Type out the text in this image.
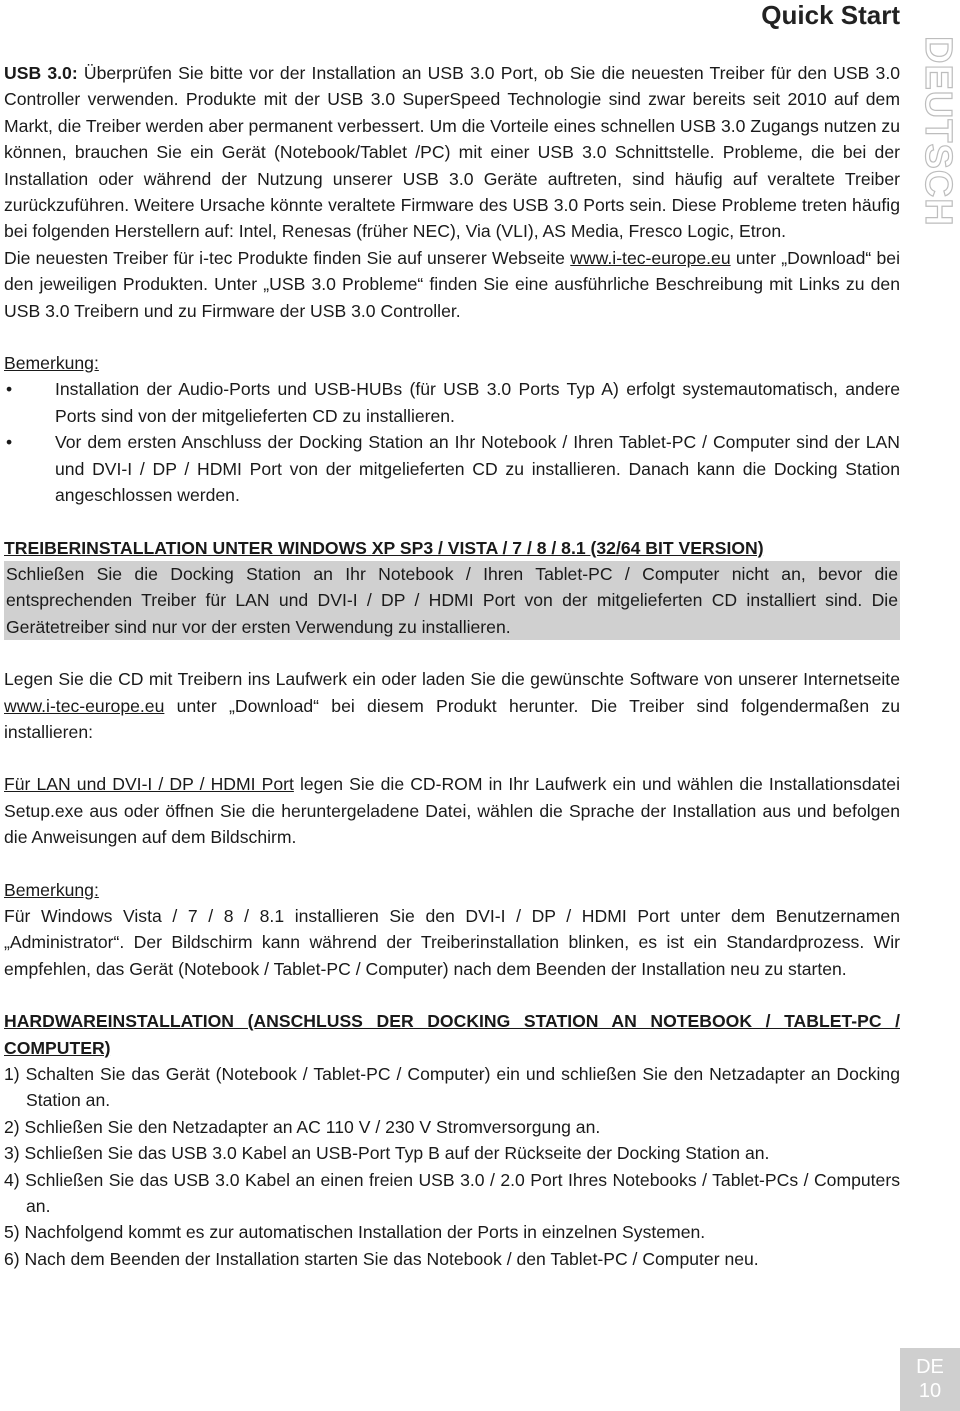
Quick Start
DEUTSCH

USB 3.0: Überprüfen Sie bitte vor der Installation an USB 3.0 Port, ob Sie die neuesten Treiber für den USB 3.0 Controller verwenden. Produkte mit der USB 3.0 SuperSpeed Technologie sind zwar bereits seit 2010 auf dem Markt, die Treiber werden aber permanent verbessert. Um die Vorteile eines schnellen USB 3.0 Zugangs nutzen zu können, brauchen Sie ein Gerät (Notebook/Tablet /PC) mit einer USB 3.0 Schnittstelle. Probleme, die bei der Installation oder während der Nutzung unserer USB 3.0 Geräte auftreten, sind häufig auf veraltete Treiber zurückzuführen. Weitere Ursache könnte veraltete Firmware des USB 3.0 Ports sein. Diese Probleme treten häufig bei folgenden Herstellern auf: Intel, Renesas (früher NEC), Via (VLI), AS Media, Fresco Logic, Etron.

Die neuesten Treiber für i-tec Produkte finden Sie auf unserer Webseite www.i-tec-europe.eu unter „Download“ bei den jeweiligen Produkten. Unter „USB 3.0 Probleme“ finden Sie eine ausführliche Beschreibung mit Links zu den USB 3.0 Treibern und zu Firmware der USB 3.0 Controller.

Bemerkung:

• Installation der Audio-Ports und USB-HUBs (für USB 3.0 Ports Typ A) erfolgt systemautomatisch, andere Ports sind von der mitgelieferten CD zu installieren.
• Vor dem ersten Anschluss der Docking Station an Ihr Notebook / Ihren Tablet-PC / Computer sind der LAN und DVI-I / DP / HDMI Port von der mitgelieferten CD zu installieren. Danach kann die Docking Station angeschlossen werden.

TREIBERINSTALLATION UNTER WINDOWS XP SP3 / VISTA / 7 / 8 / 8.1 (32/64 BIT VERSION)

Schließen Sie die Docking Station an Ihr Notebook / Ihren Tablet-PC / Computer nicht an, bevor die entsprechenden Treiber für LAN und DVI-I / DP / HDMI Port von der mitgelieferten CD installiert sind. Die Gerätetreiber sind nur vor der ersten Verwendung zu installieren.

Legen Sie die CD mit Treibern ins Laufwerk ein oder laden Sie die gewünschte Software von unserer Internetseite www.i-tec-europe.eu unter „Download“ bei diesem Produkt herunter. Die Treiber sind folgendermaßen zu installieren:

Für LAN und DVI-I / DP / HDMI Port legen Sie die CD-ROM in Ihr Laufwerk ein und wählen die Installationsdatei Setup.exe aus oder öffnen Sie die heruntergeladene Datei, wählen die Sprache der Installation aus und befolgen die Anweisungen auf dem Bildschirm.

Bemerkung:

Für Windows Vista / 7 / 8 / 8.1 installieren Sie den DVI-I / DP / HDMI Port unter dem Benutzernamen „Administrator“. Der Bildschirm kann während der Treiberinstallation blinken, es ist ein Standardprozess. Wir empfehlen, das Gerät (Notebook / Tablet-PC / Computer) nach dem Beenden der Installation neu zu starten.

HARDWAREINSTALLATION (ANSCHLUSS DER DOCKING STATION AN NOTEBOOK / TABLET-PC / COMPUTER)

1) Schalten Sie das Gerät (Notebook / Tablet-PC / Computer) ein und schließen Sie den Netzadapter an Docking Station an.
2) Schließen Sie den Netzadapter an AC 110 V / 230 V Stromversorgung an.
3) Schließen Sie das USB 3.0 Kabel an USB-Port Typ B auf der Rückseite der Docking Station an.
4) Schließen Sie das USB 3.0 Kabel an einen freien USB 3.0 / 2.0 Port Ihres Notebooks / Tablet-PCs / Computers an.
5) Nachfolgend kommt es zur automatischen Installation der Ports in einzelnen Systemen.
6) Nach dem Beenden der Installation starten Sie das Notebook / den Tablet-PC / Computer neu.
DE
10
